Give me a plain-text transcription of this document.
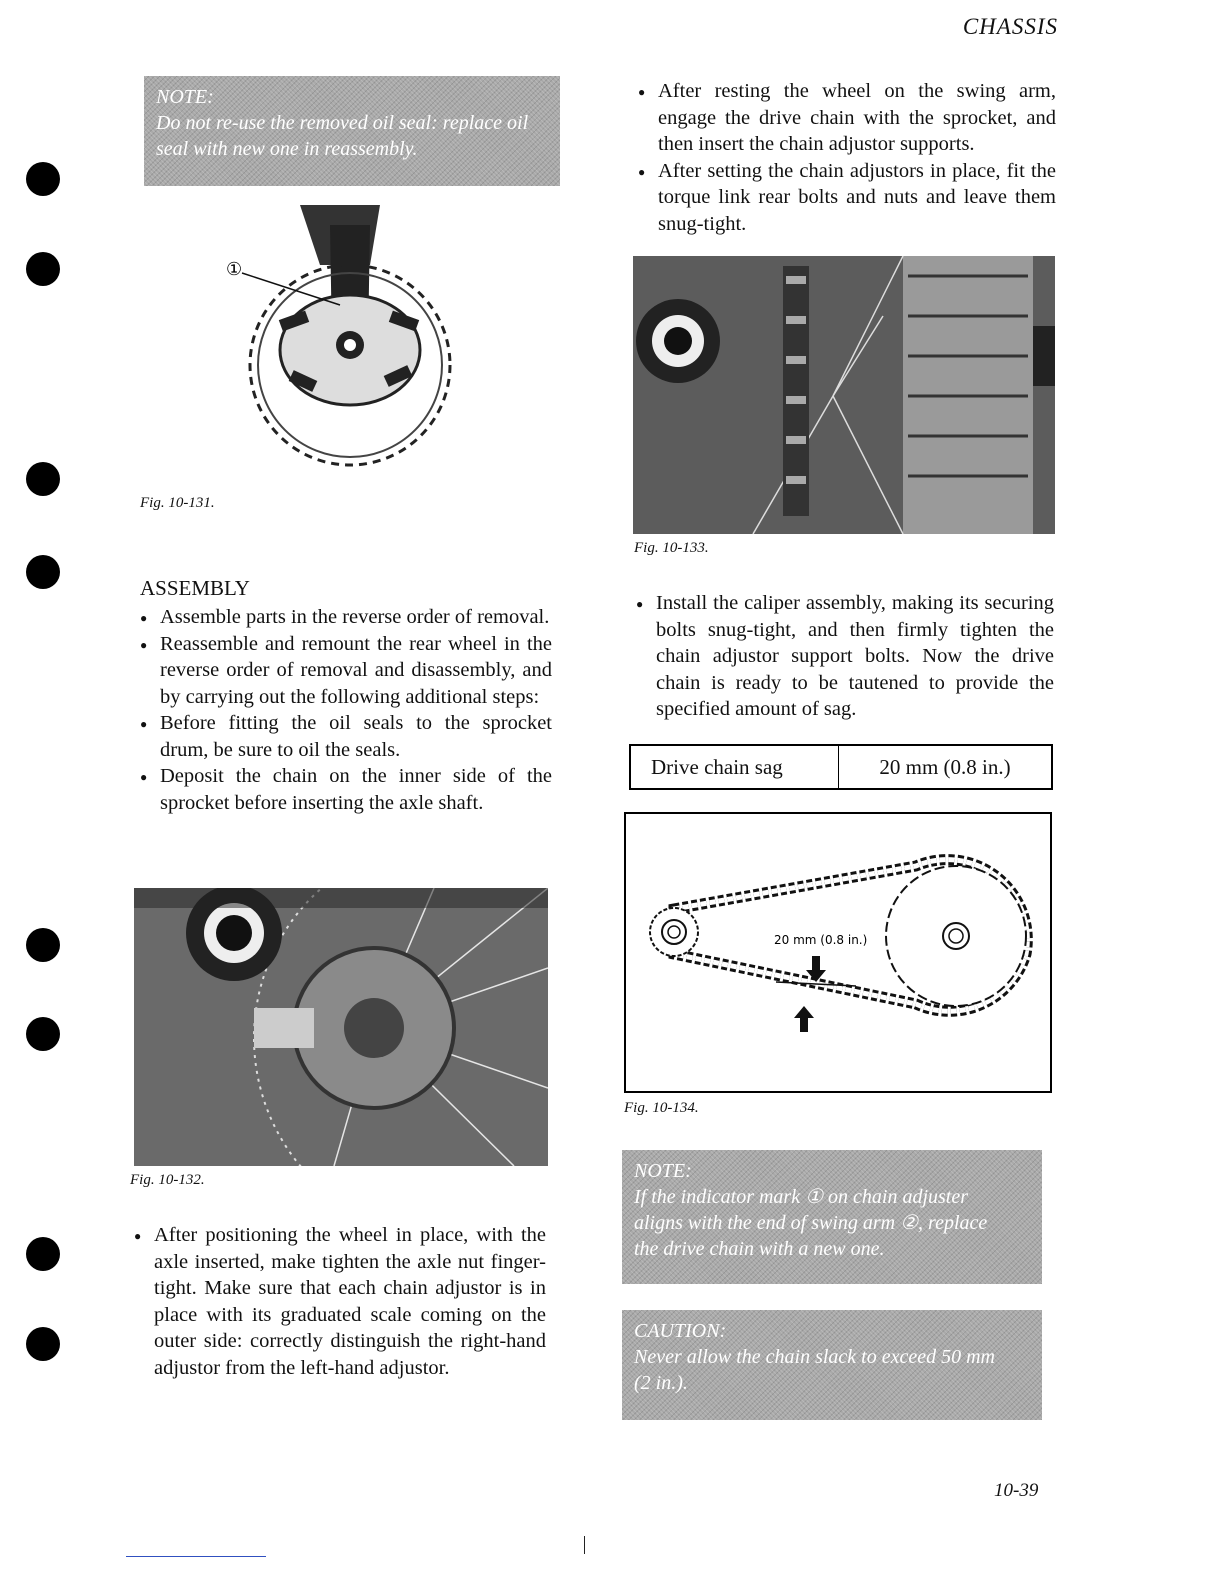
CHASSIS
10-39
NOTE:
Do not re-use the removed oil seal: replace oil
seal with new one in reassembly.
①
Fig. 10-131.
ASSEMBLY
● Assemble parts in the reverse order of removal.
● Reassemble and remount the rear wheel in the reverse order of removal and disassembly, and by carrying out the following additional steps:
● Before fitting the oil seals to the sprocket drum, be sure to oil the seals.
● Deposit the chain on the inner side of the sprocket before inserting the axle shaft.
Fig. 10-132.
● After positioning the wheel in place, with the axle inserted, make tighten the axle nut finger-tight. Make sure that each chain adjustor is in place with its graduated scale coming on the outer side: correctly distinguish the right-hand adjustor from the left-hand adjustor.
● After resting the wheel on the swing arm, engage the drive chain with the sprocket, and then insert the chain adjustor supports.
● After setting the chain adjustors in place, fit the torque link rear bolts and nuts and leave them snug-tight.
Fig. 10-133.
● Install the caliper assembly, making its securing bolts snug-tight, and then firmly tighten the chain adjustor support bolts. Now the drive chain is ready to be tautened to provide the specified amount of sag.
Drive chain sag	20 mm (0.8 in.)
20 mm (0.8 in.)
Fig. 10-134.
NOTE:
If the indicator mark ① on chain adjuster
aligns with the end of swing arm ②, replace
the drive chain with a new one.
CAUTION:
Never allow the chain slack to exceed 50 mm
(2 in.).
